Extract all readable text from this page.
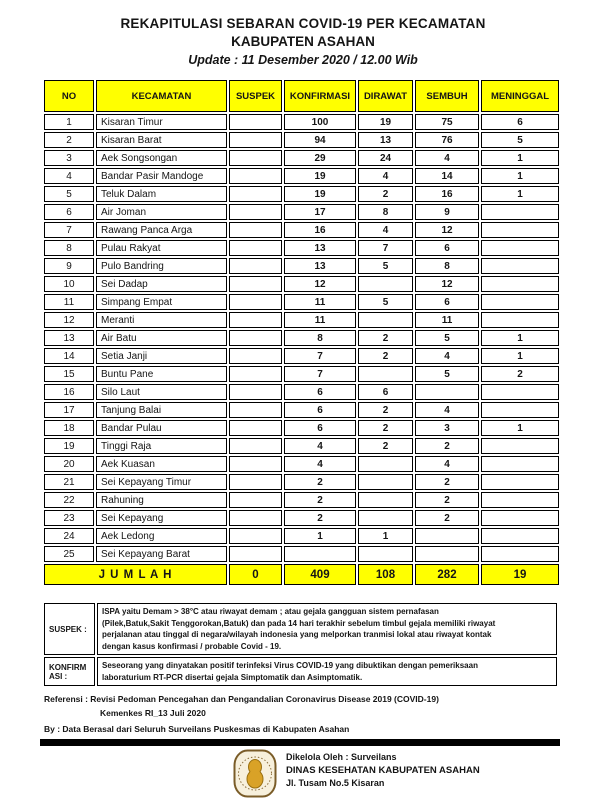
REKAPITULASI SEBARAN COVID-19 PER KECAMATAN
KABUPATEN ASAHAN
Update : 11 Desember 2020 / 12.00 Wib
NO	KECAMATAN	SUSPEK	KONFIRMASI	DIRAWAT	SEMBUH	MENINGGAL
1	Kisaran Timur		100	19	75	6
2	Kisaran Barat		94	13	76	5
3	Aek Songsongan		29	24	4	1
4	Bandar Pasir Mandoge		19	4	14	1
5	Teluk Dalam		19	2	16	1
6	Air Joman		17	8	9	
7	Rawang Panca Arga		16	4	12	
8	Pulau Rakyat		13	7	6	
9	Pulo Bandring		13	5	8	
10	Sei Dadap		12		12	
11	Simpang Empat		11	5	6	
12	Meranti		11		11	
13	Air Batu		8	2	5	1
14	Setia Janji		7	2	4	1
15	Buntu Pane		7		5	2
16	Silo Laut		6	6		
17	Tanjung Balai		6	2	4	
18	Bandar Pulau		6	2	3	1
19	Tinggi Raja		4	2	2	
20	Aek Kuasan		4		4	
21	Sei Kepayang Timur		2		2	
22	Rahuning		2		2	
23	Sei Kepayang		2		2	
24	Aek Ledong		1	1		
25	Sei Kepayang Barat					
J U M L A H		0	409	108	282	19
SUSPEK :	ISPA yaitu Demam > 38°C atau riwayat demam ; atau gejala gangguan sistem pernafasan
(Pilek,Batuk,Sakit Tenggorokan,Batuk) dan pada 14 hari terakhir sebelum timbul gejala memiliki riwayat
perjalanan atau tinggal di negara/wilayah indonesia yang melporkan tranmisi lokal atau riwayat kontak
dengan kasus konfirmasi / probable Covid - 19.
KONFIRMASI :	Seseorang yang dinyatakan positif terinfeksi Virus COVID-19 yang dibuktikan dengan pemeriksaan
laboraturium RT-PCR disertai gejala Simptomatik dan Asimptomatik.
Referensi : Revisi Pedoman Pencegahan dan Pengandalian Coronavirus Disease 2019 (COVID-19)
Kemenkes RI_13 Juli 2020
By : Data Berasal dari Seluruh Surveilans Puskesmas di Kabupaten Asahan
Dikelola Oleh : Surveilans
DINAS KESEHATAN KABUPATEN ASAHAN
Jl. Tusam No.5 Kisaran
